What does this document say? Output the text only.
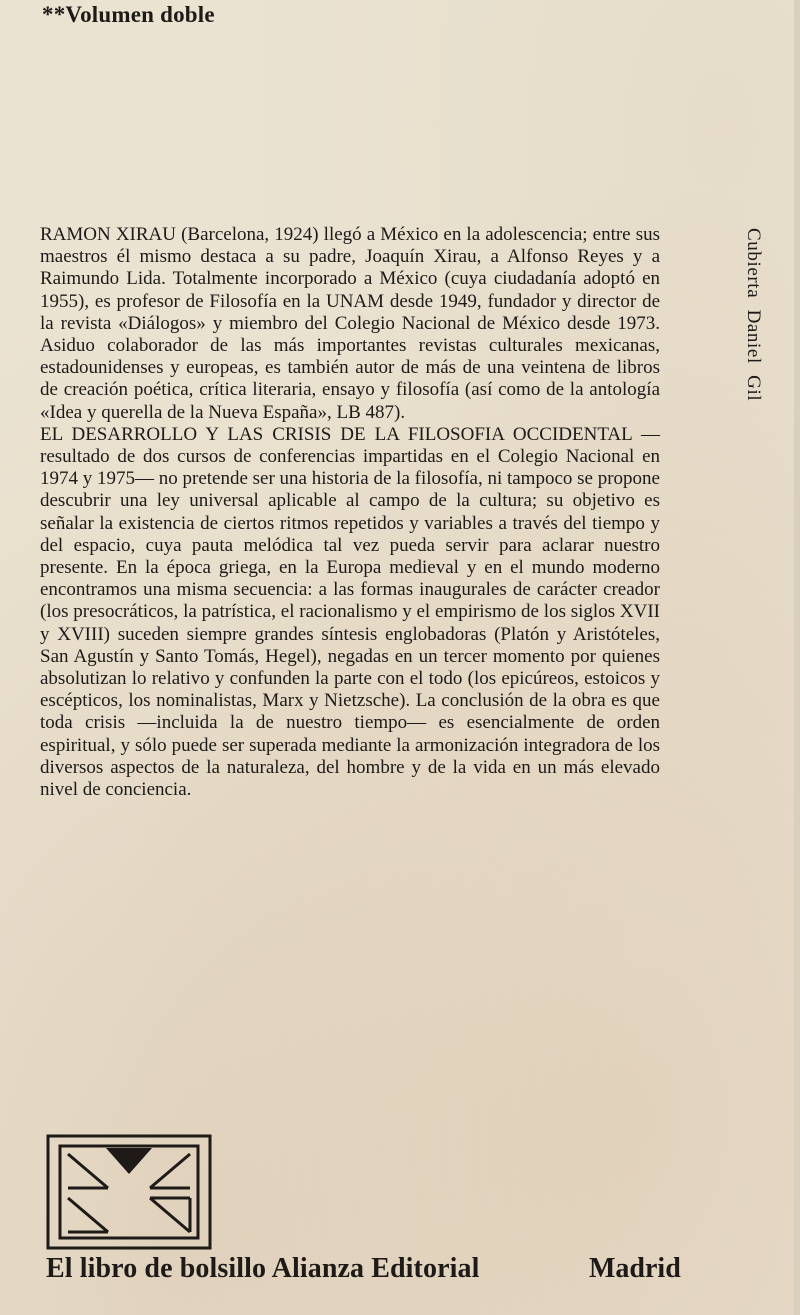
**Volumen doble

RAMON XIRAU (Barcelona, 1924) llegó a México en la adolescencia; entre sus maestros él mismo destaca a su padre, Joaquín Xirau, a Alfonso Reyes y a Raimundo Lida. Totalmente incorporado a México (cuya ciudadanía adoptó en 1955), es profesor de Filosofía en la UNAM desde 1949, fundador y director de la revista «Diálogos» y miembro del Colegio Nacional de México desde 1973. Asiduo colaborador de las más importantes revistas culturales mexicanas, estadounidenses y europeas, es también autor de más de una veintena de libros de creación poética, crítica literaria, ensayo y filosofía (así como de la antología «Idea y querella de la Nueva España», LB 487).

EL DESARROLLO Y LAS CRISIS DE LA FILOSOFIA OCCIDENTAL —resultado de dos cursos de conferencias impartidas en el Colegio Nacional en 1974 y 1975— no pretende ser una historia de la filosofía, ni tampoco se propone descubrir una ley universal aplicable al campo de la cultura; su objetivo es señalar la existencia de ciertos ritmos repetidos y variables a través del tiempo y del espacio, cuya pauta melódica tal vez pueda servir para aclarar nuestro presente. En la época griega, en la Europa medieval y en el mundo moderno encontramos una misma secuencia: a las formas inaugurales de carácter creador (los presocráticos, la patrística, el racionalismo y el empirismo de los siglos XVII y XVIII) suceden siempre grandes síntesis englobadoras (Platón y Aristóteles, San Agustín y Santo Tomás, Hegel), negadas en un tercer momento por quienes absolutizan lo relativo y confunden la parte con el todo (los epicúreos, estoicos y escépticos, los nominalistas, Marx y Nietzsche). La conclusión de la obra es que toda crisis —incluida la de nuestro tiempo— es esencialmente de orden espiritual, y sólo puede ser superada mediante la armonización integradora de los diversos aspectos de la naturaleza, del hombre y de la vida en un más elevado nivel de conciencia.

Cubierta Daniel Gil
El libro de bolsillo Alianza Editorial	Madrid
